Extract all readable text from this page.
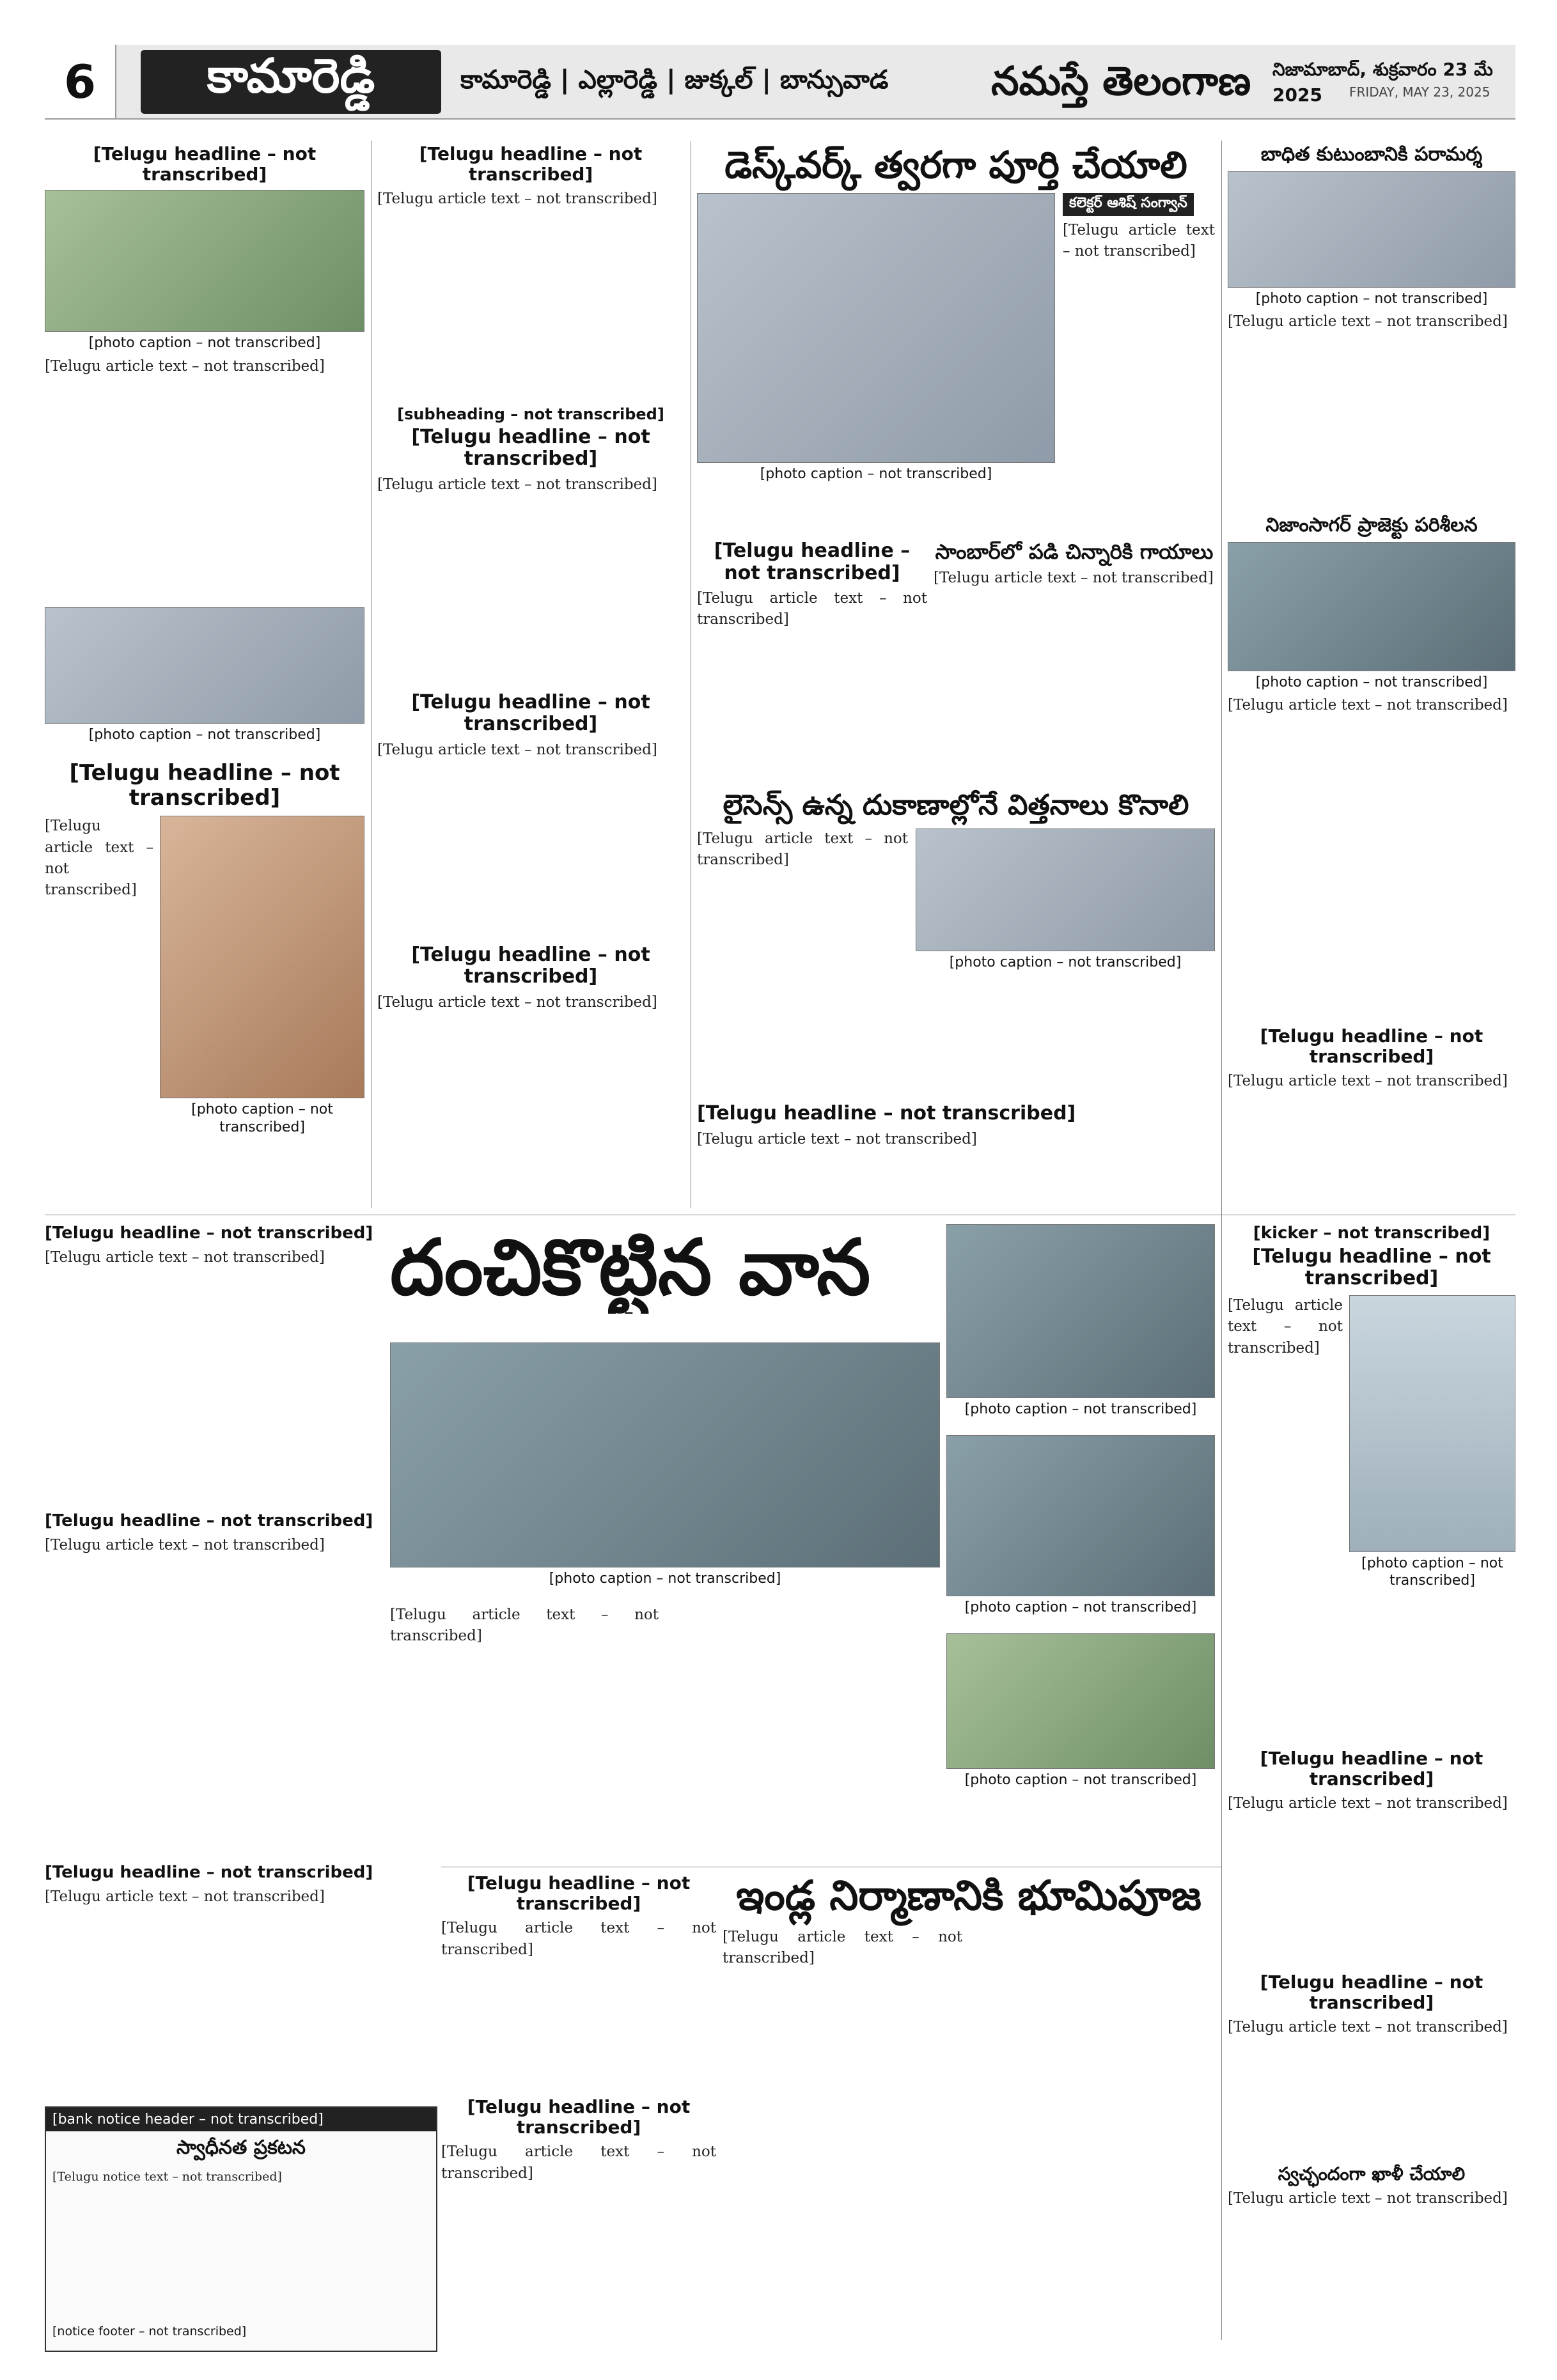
6	కామారెడ్డి	కామారెడ్డి | ఎల్లారెడ్డి | జుక్కల్ | బాన్సువాడ	నమస్తే తెలంగాణ నిజామాబాద్, శుక్రవారం 23 మే 2025	FRIDAY, MAY 23, 2025
[Telugu headline – not transcribed]
[photo caption – not transcribed]
[Telugu article text – not transcribed]
[photo caption – not transcribed]
[Telugu headline – not transcribed]
[Telugu article text – not transcribed]
[photo caption – not transcribed]
[Telugu headline – not transcribed]
[Telugu article text – not transcribed]
[subheading – not transcribed]
[Telugu headline – not transcribed]
[Telugu article text – not transcribed]
[Telugu headline – not transcribed]
[Telugu article text – not transcribed]
[Telugu headline – not transcribed]
[Telugu article text – not transcribed]
డెస్క్‌వర్క్ త్వరగా పూర్తి చేయాలి
[photo caption – not transcribed]
కలెక్టర్ ఆశిష్ సంగ్వాన్
[Telugu article text – not transcribed]
[Telugu headline – not transcribed]
[Telugu article text – not transcribed]
సాంబార్‌లో పడి చిన్నారికి గాయాలు
[Telugu article text – not transcribed]
లైసెన్స్ ఉన్న దుకాణాల్లోనే విత్తనాలు కొనాలి
[Telugu article text – not transcribed]
[photo caption – not transcribed]
[Telugu headline – not transcribed]
[Telugu article text – not transcribed]
బాధిత కుటుంబానికి పరామర్శ
[photo caption – not transcribed]
[Telugu article text – not transcribed]
నిజాంసాగర్ ప్రాజెక్టు పరిశీలన
[photo caption – not transcribed]
[Telugu article text – not transcribed]
[Telugu headline – not transcribed]
[Telugu article text – not transcribed]
[Telugu headline – not transcribed]
[Telugu article text – not transcribed]
[Telugu headline – not transcribed]
[Telugu article text – not transcribed]
[Telugu headline – not transcribed]
[Telugu article text – not transcribed]
[bank notice header – not transcribed]
స్వాధీనత ప్రకటన
[Telugu notice text – not transcribed]
[notice footer – not transcribed]
దంచికొట్టిన వాన
[photo caption – not transcribed]
[photo caption – not transcribed]
[photo caption – not transcribed]
[photo caption – not transcribed]
[Telugu article text – not transcribed]
[kicker – not transcribed]
[Telugu headline – not transcribed]
[Telugu article text – not transcribed]
[photo caption – not transcribed]
[Telugu headline – not transcribed]
[Telugu article text – not transcribed]
[Telugu headline – not transcribed]
[Telugu article text – not transcribed]
స్వచ్ఛందంగా ఖాళీ చేయాలి
[Telugu article text – not transcribed]
[Telugu headline – not transcribed]
[Telugu article text – not transcribed]
[Telugu headline – not transcribed]
[Telugu article text – not transcribed]
ఇండ్ల నిర్మాణానికి భూమిపూజ
[Telugu article text – not transcribed]
